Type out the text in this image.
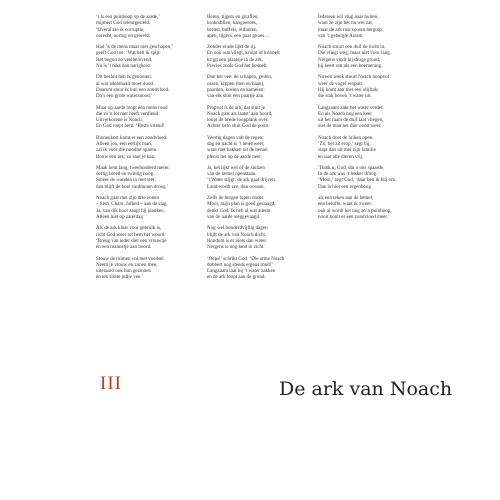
‘t Is een puinhoop op de aarde,’
mijmert God teleurgesteld.
‘Overal zie ik corruptie,
onrecht, oorlog en geweld.
Had ’k de mens maar niet geschapen,’
geeft God toe. ‘Wat heb ik spijt.
Het begon zo veelbelovend.
Nu is ’t niks dan narigheid.
Dit besluit heb ik genomen:
al wat ademhaalt moet dood.
Daarom stuur ik hun een zondvloed.
Da’s een grote watersnood.’
Maar op aarde loopt één mens rond
die zo’n lot niet heeft verdiend.
Uitverkorene is Noach.
En God roept hem: ‘Beste vriend!
Binnenkort komt er een zondvloed.
Alleen jou, een eerlijk man,
zal ik voor die noodlot sparen.
Bouw een ark, zo snel je kan.
Maak hem lang, tweehonderd meter,
dertig breed en twintig hoog.
Smeer de wanden in met teer,
dan blijft de boel vanbinnen droog.’
Noach gaat met zijn drie zonen
– Sem, Cham, Jafhed – aan de slag.
Ja, van dik hout zaagt hij planken.
Alleen niet op zaterdag.
Als de ark klaar voor gebruik is,
richt God weer tot hem het woord:
‘Breng van ieder dier een vrouwtje
én een mannetje aan boord.
Stouw de ruimen vol met voedsel.
Neem je vrouw en zonen mee,
uiteraard ook hun gezinnen
en ten slotte jullie vee.’
Beren, tijgers en giraffen,
krokodillen, kangoeroes,
herten, buffels, olifanten,
apen, tijgers, een paar gnoes…
Zonder einde lijkt de rij.
En ook wat vliegt, kruipt of kriooelt
krijgt een plaatsje in de ark.
Precies zoals God het bedoelt.
Dan het vee: de schapen, geiten,
ossen, kippen (hen en haan),
paarden, koeien en kamelen:
van elk sluit een paartje aan.
Propvol is de ark, dat stuit je.
Noach gaat als laatst’ aan boord,
loopt de brede loopplank over.
Achter hem sluit God de poort.
Veertig dagen valt de regen;
dag en nacht is ’t heienweer,
want met bakken uit de hemel
plenst het op de aarde neer.
Ja, het lijkt wel of de sluizen
van de hemel openstaan.
’t Water stijgt; de ark gaat drijven.
Land wordt zee, dan oceaan.
Zelfs de bergen lopen onder.
Mooi, mijn plan is goed geslaagd,
denkt God. Ik heb al wat ademt
van de aarde weggevaagd.
Nog wel honderdvijftig dagen
blijft de ark van Noach dicht.
Rondom is er niets dan water.
Nergens is nog land in zicht.
‘Oeps!’ schrikt God. ‘Die arme Noach
dobbert nog steeds ergens rond!’
Langzaam laat hij ’t water zakken
en de ark loopt aan de grond.
Iedereen wil vlug naar buiten,
want ze zijn het nu wel zat,
maar de ark rust op een bergtop
van ’t gebergte Ararat.
Noach stuurt een duif de lucht in.
Die vliegt weg, maar niet voor lang.
Nergens vindt hij droge grond;
hij keert om als een boemerang.
Na een week stuurt Noach hoopvol
weer de vogel eropuit.
Hij komt aan met een olijftak;
die stak boven ’t water uit.
Langzaam zakt het water verder.
En als Noach nog een keer
uit het raam de duif laat vliegen,
ziet de man het dier nooit weer.
Noach doet de luiken open.
‘Zo, het zit erop,’ zegt hij,
stapt dan uit met zijn familie
en laat alle dieren vrij.
‘Dank u, God, dat u ons spaarde.
In de ark was ’t lekker droog.’
‘Mooi,’ zegt God, ‘daar ben ik blij om.
Dan is hier een regenboog
als een teken aan de hemel,
een belofte, want ik zweer:
ook al wordt het nog zo’n puinhoop,
nooit komt er een zondvloed meer.’
III	De ark van Noach
